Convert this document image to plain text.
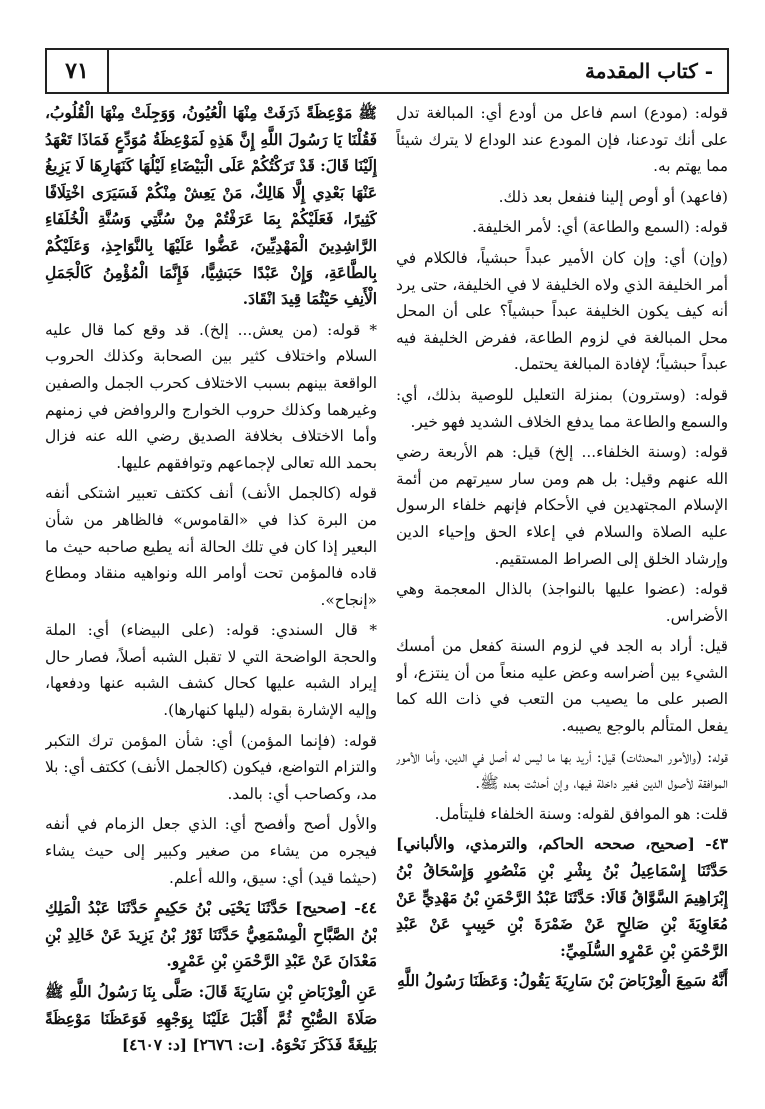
٧١	- كتاب المقدمة

قوله: (مودع) اسم فاعل من أودع أي: المبالغة تدل على أنك تودعنا، فإن المودع عند الوداع لا يترك شيئاً مما يهتم به.

(فاعهد) أو أوص إلينا فنفعل بعد ذلك.

قوله: (السمع والطاعة) أي: لأمر الخليفة.

(وإن) أي: وإن كان الأمير عبداً حبشياً، فالكلام في أمر الخليفة الذي ولاه الخليفة لا في الخليفة، حتى يرد أنه كيف يكون الخليفة عبداً حبشياً؟ على أن المحل محل المبالغة في لزوم الطاعة، ففرض الخليفة فيه عبداً حبشياً؛ لإفادة المبالغة يحتمل.

قوله: (وسترون) بمنزلة التعليل للوصية بذلك، أي: والسمع والطاعة مما يدفع الخلاف الشديد فهو خير.

قوله: (وسنة الخلفاء... إلخ) قيل: هم الأربعة رضي الله عنهم وقيل: بل هم ومن سار سيرتهم من أئمة الإسلام المجتهدين في الأحكام فإنهم خلفاء الرسول عليه الصلاة والسلام في إعلاء الحق وإحياء الدين وإرشاد الخلق إلى الصراط المستقيم.

قوله: (عضوا عليها بالنواجذ) بالذال المعجمة وهي الأضراس.

قيل: أراد به الجد في لزوم السنة كفعل من أمسك الشيء بين أضراسه وعض عليه منعاً من أن ينتزع، أو الصبر على ما يصيب من التعب في ذات الله كما يفعل المتألم بالوجع يصيبه.

قوله: (والأمور المحدثات) قيل: أريد بها ما ليس له أصل في الدين، وأما الأمور الموافقة لأصول الدين فغير داخلة فيها، وإن أحدثت بعده ﷺ.

قلت: هو الموافق لقوله: وسنة الخلفاء فليتأمل.

٤٣- [صحيح، صححه الحاكم، والترمذي، والألباني] حَدَّثَنَا إِسْمَاعِيلُ بْنُ بِشْرِ بْنِ مَنْصُورٍ وَإِسْحَاقُ بْنُ إِبْرَاهِيمَ السَّوَّاقُ قَالَا: حَدَّثَنَا عَبْدُ الرَّحْمَنِ بْنُ مَهْدِيٍّ عَنْ مُعَاوِيَةَ بْنِ صَالِحٍ عَنْ ضَمْرَةَ بْنِ حَبِيبٍ عَنْ عَبْدِ الرَّحْمَنِ بْنِ عَمْرٍو السُّلَمِيِّ:

أَنَّهُ سَمِعَ الْعِرْبَاضَ بْنَ سَارِيَةَ يَقُولُ: وَعَظَنَا رَسُولُ اللَّهِ

ﷺ مَوْعِظَةً ذَرَفَتْ مِنْهَا الْعُيُونُ، وَوَجِلَتْ مِنْهَا الْقُلُوبُ، فَقُلْنَا يَا رَسُولَ اللَّهِ إِنَّ هَذِهِ لَمَوْعِظَةُ مُوَدِّعٍ فَمَاذَا تَعْهَدُ إِلَيْنَا قَالَ: قَدْ تَرَكْتُكُمْ عَلَى الْبَيْضَاءِ لَيْلُهَا كَنَهَارِهَا لَا يَزِيغُ عَنْهَا بَعْدِي إِلَّا هَالِكٌ، مَنْ يَعِشْ مِنْكُمْ فَسَيَرَى اخْتِلَافًا كَثِيرًا، فَعَلَيْكُمْ بِمَا عَرَفْتُمْ مِنْ سُنَّتِي وَسُنَّةِ الْخُلَفَاءِ الرَّاشِدِينَ الْمَهْدِيِّينَ، عَضُّوا عَلَيْهَا بِالنَّوَاجِذِ، وَعَلَيْكُمْ بِالطَّاعَةِ، وَإِنْ عَبْدًا حَبَشِيًّا، فَإِنَّمَا الْمُؤْمِنُ كَالْجَمَلِ الْأَنِفِ حَيْثُمَا قِيدَ انْقَادَ.

* قوله: (من يعش... إلخ). قد وقع كما قال عليه السلام واختلاف كثير بين الصحابة وكذلك الحروب الواقعة بينهم بسبب الاختلاف كحرب الجمل والصفين وغيرهما وكذلك حروب الخوارج والروافض في زمنهم وأما الاختلاف بخلافة الصديق رضي الله عنه فزال بحمد الله تعالى لإجماعهم وتوافقهم عليها.

قوله (كالجمل الأنف) أنف ككتف تعبير اشتكى أنفه من البرة كذا في «القاموس» فالظاهر من شأن البعير إذا كان في تلك الحالة أنه يطيع صاحبه حيث ما قاده فالمؤمن تحت أوامر الله ونواهيه منقاد ومطاع «إنجاح».

* قال السندي: قوله: (على البيضاء) أي: الملة والحجة الواضحة التي لا تقبل الشبه أصلاً، فصار حال إيراد الشبه عليها كحال كشف الشبه عنها ودفعها، وإليه الإشارة بقوله (ليلها كنهارها).

قوله: (فإنما المؤمن) أي: شأن المؤمن ترك التكبر والتزام التواضع، فيكون (كالجمل الأنف) ككتف أي: بلا مد، وكصاحب أي: بالمد.

والأول أصح وأفصح أي: الذي جعل الزمام في أنفه فيجره من يشاء من صغير وكبير إلى حيث يشاء (حيثما قيد) أي: سيق، والله أعلم.

٤٤- [صحيح] حَدَّثَنَا يَحْيَى بْنُ حَكِيمٍ حَدَّثَنَا عَبْدُ الْمَلِكِ بْنُ الصَّبَّاحِ الْمِسْمَعِيُّ حَدَّثَنَا ثَوْرُ بْنُ يَزِيدَ عَنْ خَالِدِ بْنِ مَعْدَانَ عَنْ عَبْدِ الرَّحْمَنِ بْنِ عَمْرٍو.

عَنِ الْعِرْبَاضِ بْنِ سَارِيَةَ قَالَ: صَلَّى بِنَا رَسُولُ اللَّهِ ﷺ صَلَاةَ الصُّبْحِ ثُمَّ أَقْبَلَ عَلَيْنَا بِوَجْهِهِ فَوَعَظَنَا مَوْعِظَةً بَلِيغَةً فَذَكَرَ نَحْوَهُ. [ت: ٢٦٧٦] [د: ٤٦٠٧]
